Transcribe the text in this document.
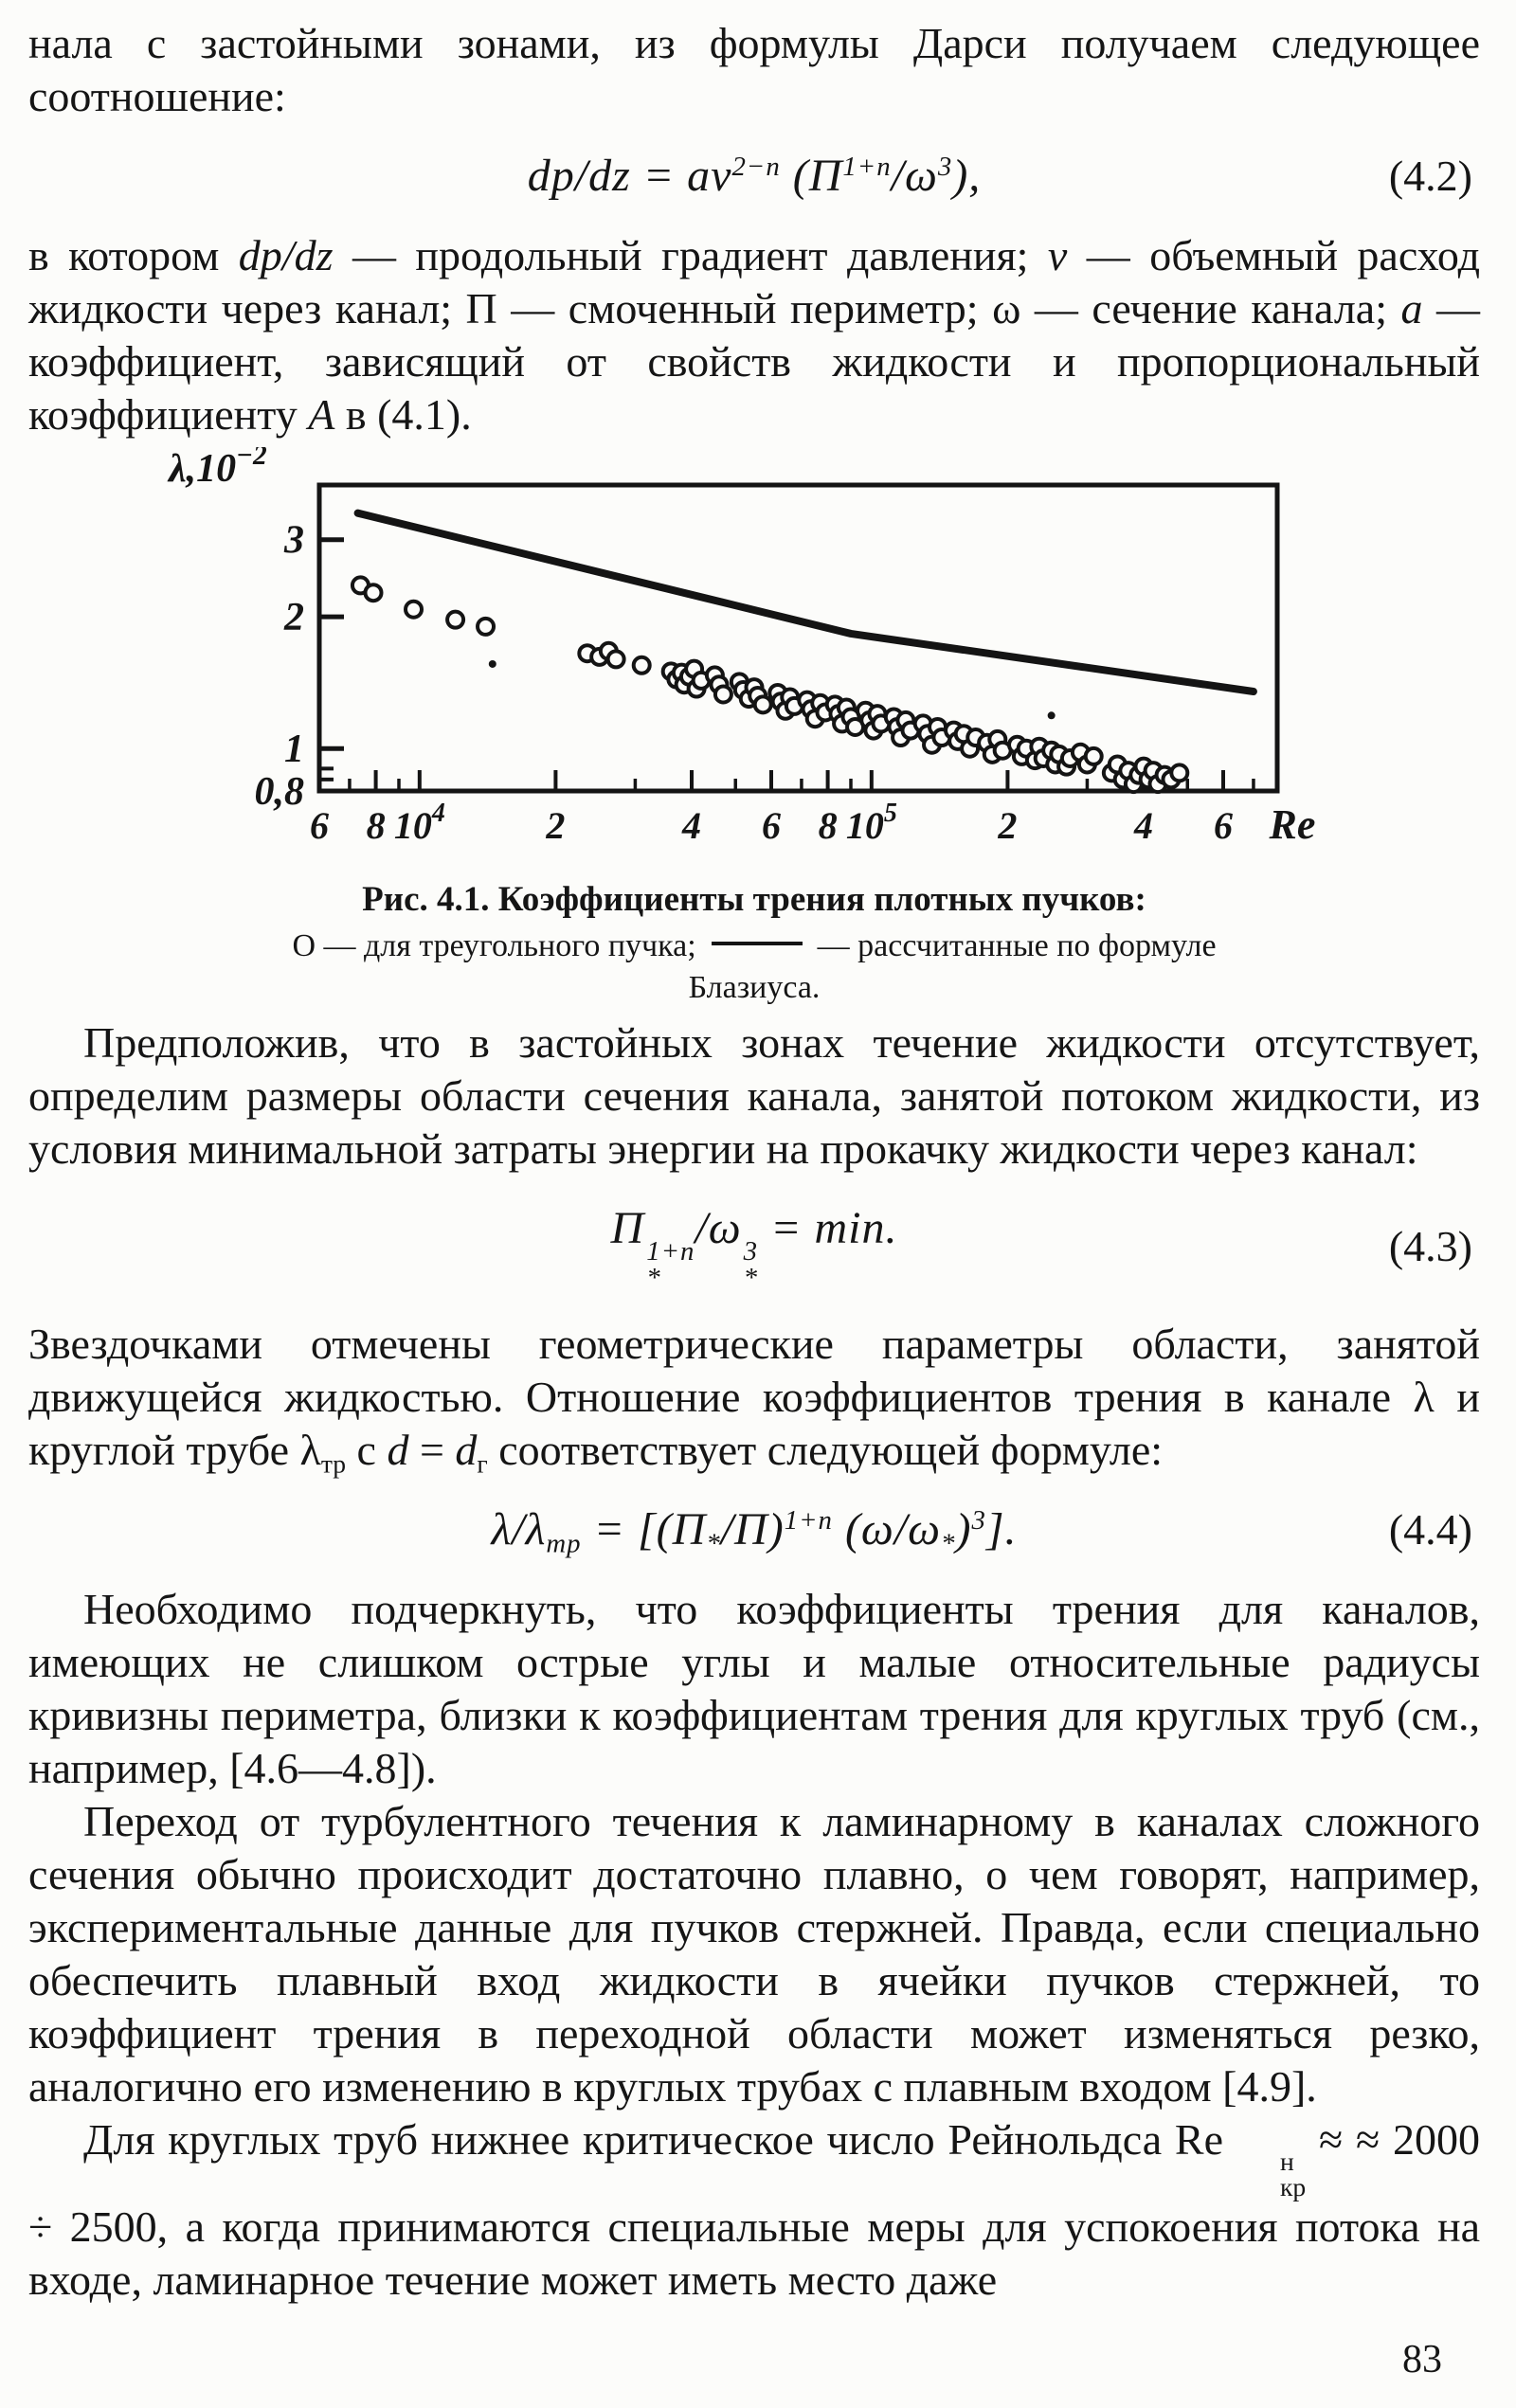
нала с застойными зонами, из формулы Дарси получаем следующее соотношение:

$dp/dz = av^{2-n}$ $(\Pi^{1+n}/\omega^3)$,	(4.2)

в котором dp/dz — продольный градиент давления; v — объемный расход жидкости через канал; П — смоченный периметр; ω — сечение канала; а — коэффициент, зависящий от свойств жидкости и пропорциональный коэффициенту А в (4.1).

0,8
1
2
3
6 8 $10^4$	2	4 6 8 $10^5$	2	4 6 Re
$\lambda,10^{-2}$
Рис. 4.1. Коэффициенты трения плотных пучков:
О — для треугольного пучка;	— рассчитанные по формуле Блазиуса.

Предположив, что в застойных зонах течение жидкости отсутствует, определим размеры области сечения канала, занятой потоком жидкости, из условия минимальной затраты энергии на прокачку жидкости через канал:

Π 1+n
*
/ω 3
*
= min.	(4.3)

Звездочками отмечены геометрические параметры области, занятой движущейся жидкостью. Отношение коэффициентов трения в канале λ и круглой трубе $\lambda_{тр}$ с $d = d_г$ соответствует следующей формуле:

$\lambda/\lambda_{тр} = [(\Pi_*/\Pi)^{1+n}$ $(\omega/\omega_*)^3$].	(4.4)

Необходимо подчеркнуть, что коэффициенты трения для каналов, имеющих не слишком острые углы и малые относительные радиусы кривизны периметра, близки к коэффициентам трения для круглых труб (см., например, [4.6—4.8]).

Переход от турбулентного течения к ламинарному в каналах сложного сечения обычно происходит достаточно плавно, о чем говорят, например, экспериментальные данные для пучков стержней. Правда, если специально обеспечить плавный вход жидкости в ячейки пучков стержней, то коэффициент трения в переходной области может изменяться резко, аналогично его изменению в круглых трубах с плавным входом [4.9].

Для круглых труб нижнее критическое число Рейнольдса Re	н
кр
≈ ≈ 2000 ÷ 2500, а когда принимаются специальные меры для успокоения потока на входе, ламинарное течение может иметь место даже

83
